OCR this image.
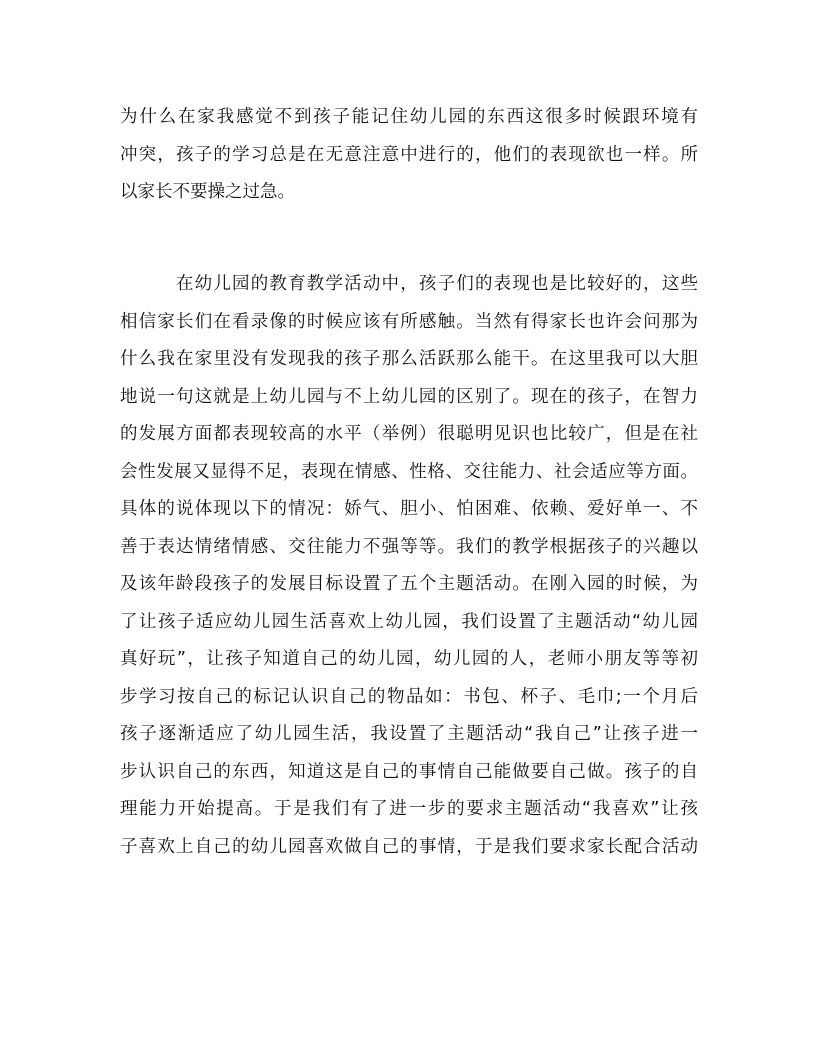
为什么在家我感觉不到孩子能记住幼儿园的东西这很多时候跟环境有
冲突，孩子的学习总是在无意注意中进行的，他们的表现欲也一样。所
以家长不要操之过急。
在幼儿园的教育教学活动中，孩子们的表现也是比较好的，这些
相信家长们在看录像的时候应该有所感触。当然有得家长也许会问那为
什么我在家里没有发现我的孩子那么活跃那么能干。在这里我可以大胆
地说一句这就是上幼儿园与不上幼儿园的区别了。现在的孩子，在智力
的发展方面都表现较高的水平（举例）很聪明见识也比较广，但是在社
会性发展又显得不足，表现在情感、性格、交往能力、社会适应等方面。
具体的说体现以下的情况：娇气、胆小、怕困难、依赖、爱好单一、不
善于表达情绪情感、交往能力不强等等。我们的教学根据孩子的兴趣以
及该年龄段孩子的发展目标设置了五个主题活动。在刚入园的时候，为
了让孩子适应幼儿园生活喜欢上幼儿园，我们设置了主题活动“幼儿园
真好玩”，让孩子知道自己的幼儿园，幼儿园的人，老师小朋友等等初
步学习按自己的标记认识自己的物品如：书包、杯子、毛巾;一个月后
孩子逐渐适应了幼儿园生活，我设置了主题活动“我自己”让孩子进一
步认识自己的东西，知道这是自己的事情自己能做要自己做。孩子的自
理能力开始提高。于是我们有了进一步的要求主题活动“我喜欢”让孩
子喜欢上自己的幼儿园喜欢做自己的事情，于是我们要求家长配合活动
